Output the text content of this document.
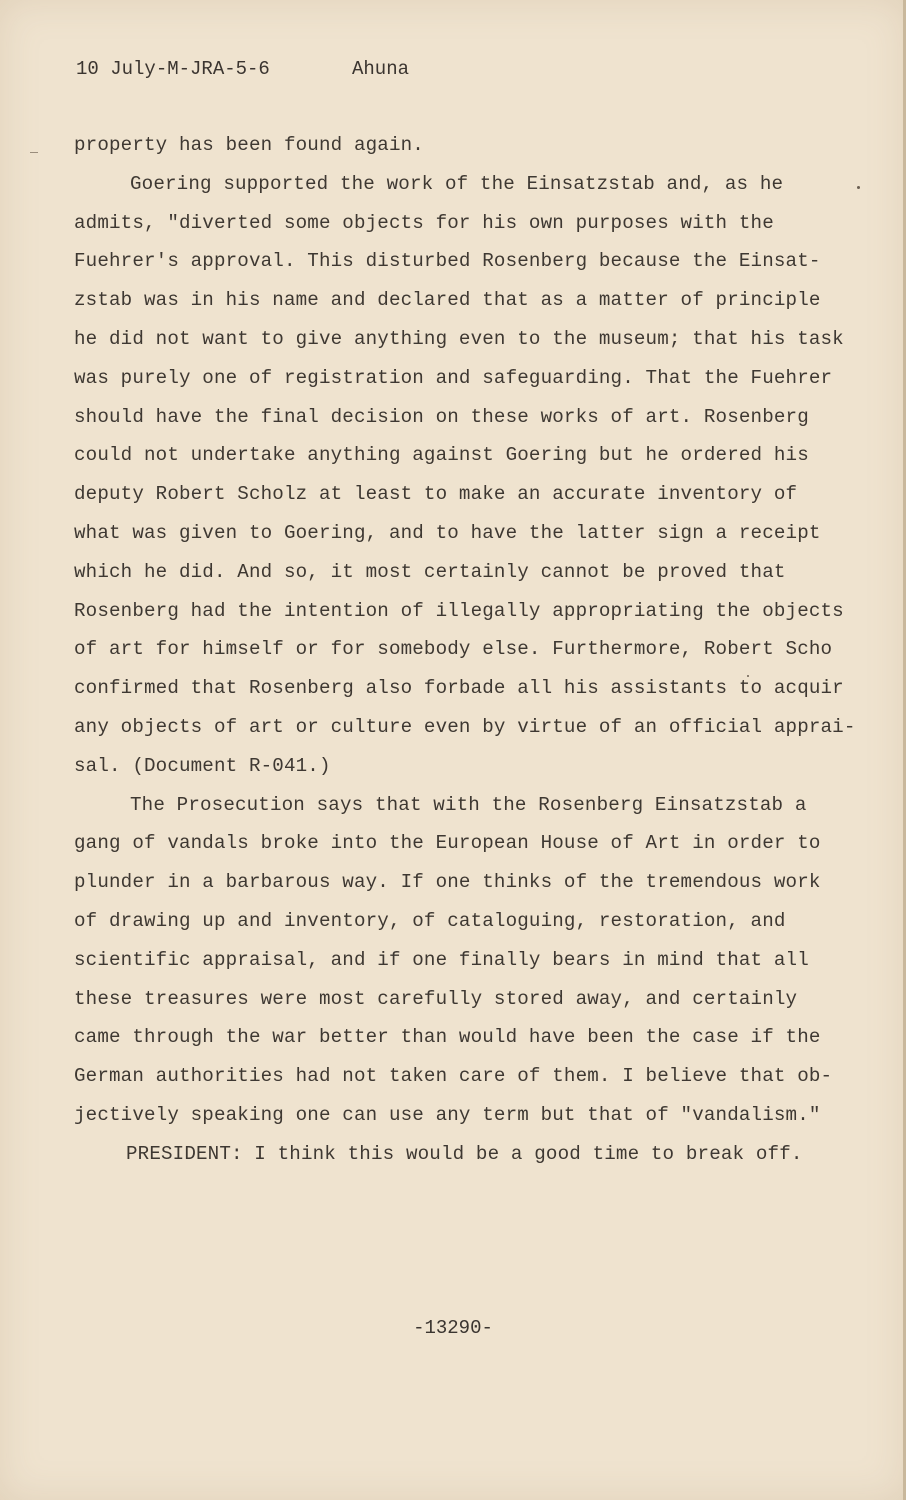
10 July-M-JRA-5-6	Ahuna
property has been found again.
Goering supported the work of the Einsatzstab and, as he
admits, "diverted some objects for his own purposes with the
Fuehrer's approval. This disturbed Rosenberg because the Einsat-
zstab was in his name and declared that as a matter of principle
he did not want to give anything even to the museum; that his task
was purely one of registration and safeguarding. That the Fuehrer
should have the final decision on these works of art. Rosenberg
could not undertake anything against Goering but he ordered his
deputy Robert Scholz at least to make an accurate inventory of
what was given to Goering, and to have the latter sign a receipt
which he did. And so, it most certainly cannot be proved that
Rosenberg had the intention of illegally appropriating the objects
of art for himself or for somebody else. Furthermore, Robert Scho
confirmed that Rosenberg also forbade all his assistants to acquir
any objects of art or culture even by virtue of an official apprai-
sal. (Document R-041.)
The Prosecution says that with the Rosenberg Einsatzstab a
gang of vandals broke into the European House of Art in order to
plunder in a barbarous way. If one thinks of the tremendous work
of drawing up and inventory, of cataloguing, restoration, and
scientific appraisal, and if one finally bears in mind that all
these treasures were most carefully stored away, and certainly
came through the war better than would have been the case if the
German authorities had not taken care of them. I believe that ob-
jectively speaking one can use any term but that of "vandalism."
PRESIDENT: I think this would be a good time to break off.
-13290-
